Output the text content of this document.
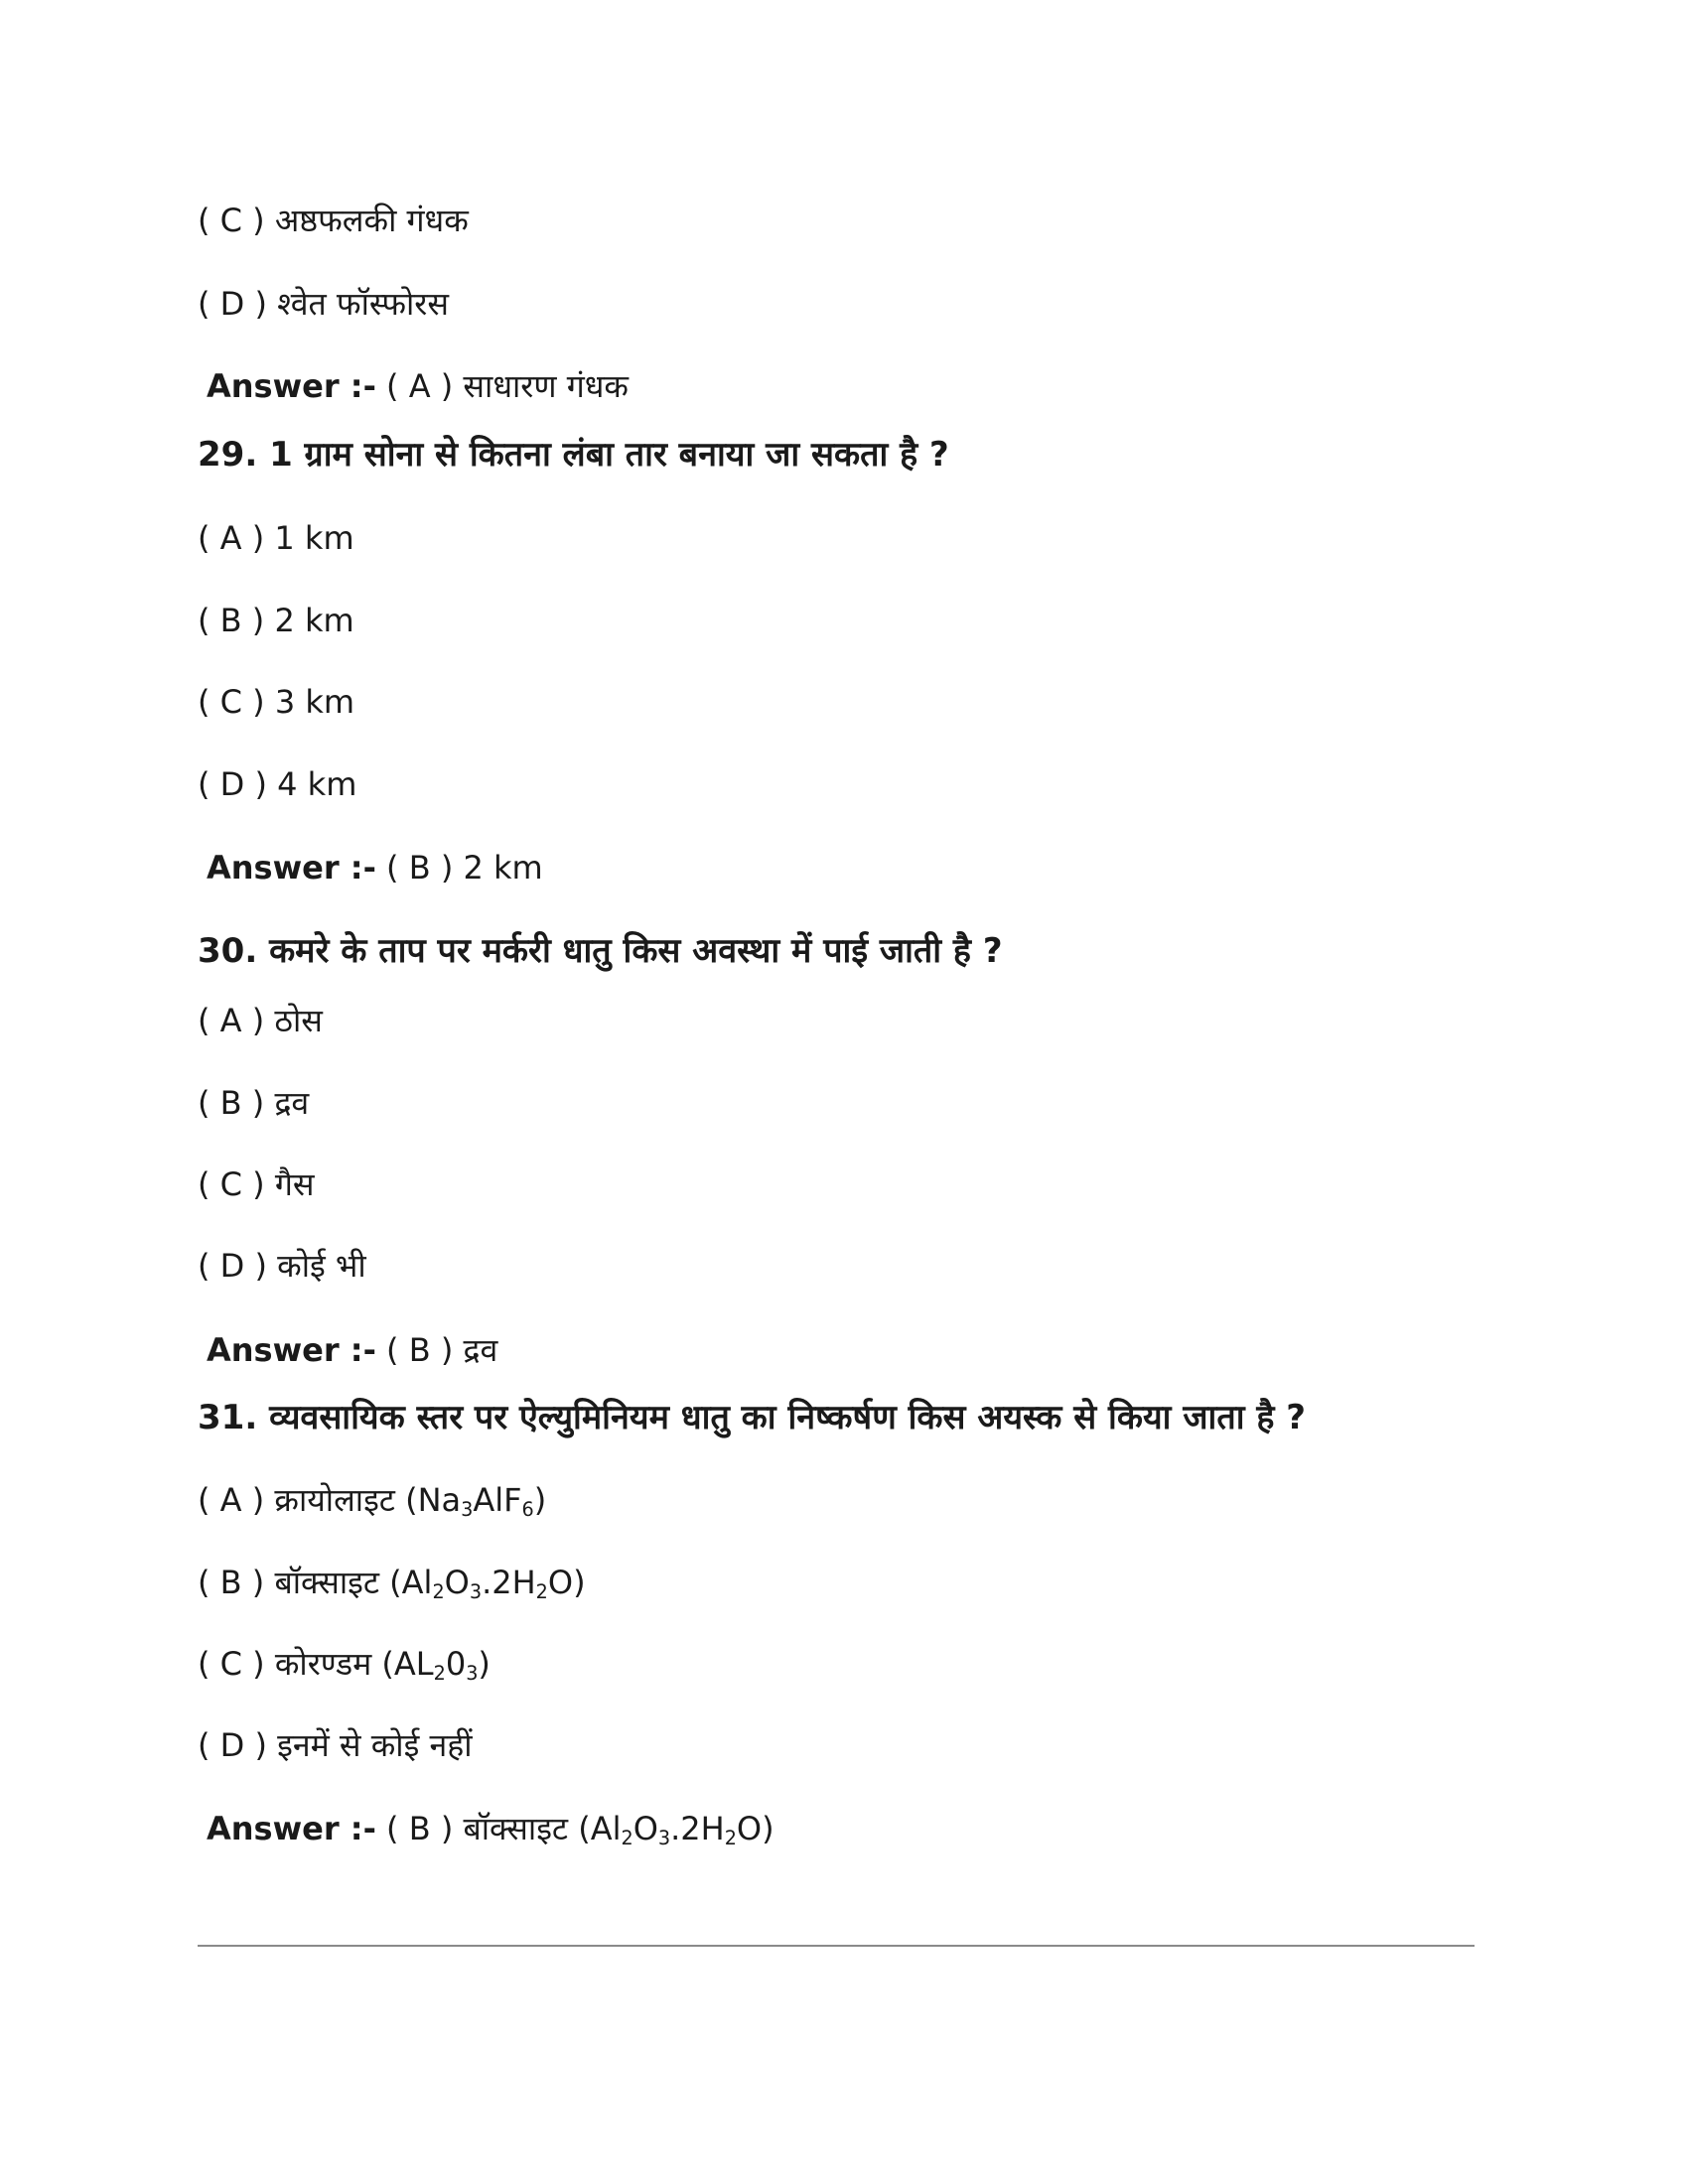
( C ) अष्ठफलकी गंधक
( D ) श्वेत फॉस्फोरस
Answer :- ( A ) साधारण गंधक
29. 1 ग्राम सोना से कितना लंबा तार बनाया जा सकता है ?
( A ) 1 km
( B ) 2 km
( C ) 3 km
( D ) 4 km
Answer :- ( B ) 2 km
30. कमरे के ताप पर मर्करी धातु किस अवस्था में पाई जाती है ?
( A ) ठोस
( B ) द्रव
( C ) गैस
( D ) कोई भी
Answer :- ( B ) द्रव
31. व्यवसायिक स्तर पर ऐल्युमिनियम धातु का निष्कर्षण किस अयस्क से किया जाता है ?
( A ) क्रायोलाइट $(Na_3AlF_6)$
( B ) बॉक्साइट $(Al_2O_3.2H_2O)$
( C ) कोरण्डम $(AL_20_3)$
( D ) इनमें से कोई नहीं
Answer :- ( B ) बॉक्साइट $(Al_2O_3.2H_2O)$
